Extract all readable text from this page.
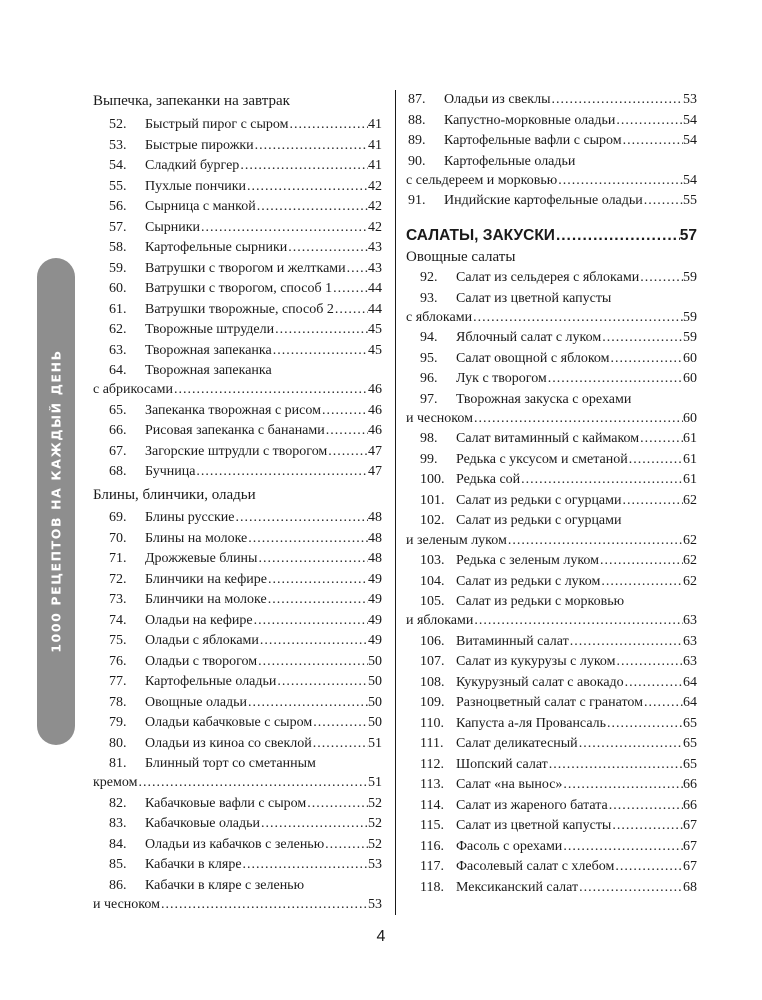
1000 РЕЦЕПТОВ НА КАЖДЫЙ ДЕНЬ
Выпечка, запеканки на завтрак
52.	Быстрый пирог с сыром .....	41
53.	Быстрые пирожки .....	41
54.	Сладкий бургер .....	41
55.	Пухлые пончики .....	42
56.	Сырница с манкой .....	42
57.	Сырники .....	42
58.	Картофельные сырники .....	43
59.	Ватрушки с творогом и желтками ..... 43
60.	Ватрушки с творогом, способ 1 .....	44
61.	Ватрушки творожные, способ 2 ..... 44
62.	Творожные штрудели .....	45
63.	Творожная запеканка .....	45
64.	Творожная запеканка
с абрикосами .....	46
65.	Запеканка творожная с рисом .....	46
66.	Рисовая запеканка с бананами .....	46
67.	Загорские штрудли с творогом .....	47
68.	Бучница .....	47
Блины, блинчики, оладьи
69.	Блины русские .....	48
70.	Блины на молоке .....	48
71.	Дрожжевые блины .....	48
72.	Блинчики на кефире .....	49
73.	Блинчики на молоке .....	49
74.	Оладьи на кефире .....	49
75.	Оладьи с яблоками .....	49
76.	Оладьи с творогом .....	50
77.	Картофельные оладьи .....	50
78.	Овощные оладьи .....	50
79.	Оладьи кабачковые с сыром .....	50
80.	Оладьи из киноа со свеклой .....	51
81.	Блинный торт со сметанным
кремом .....	51
82.	Кабачковые вафли с сыром .....	52
83.	Кабачковые оладьи .....	52
84.	Оладьи из кабачков с зеленью .....	52
85.	Кабачки в кляре .....	53
86.	Кабачки в кляре с зеленью
и чесноком .....	53
87.	Оладьи из свеклы .....	53
88.	Капустно-морковные оладьи .....	54
89.	Картофельные вафли с сыром .....	54
90.	Картофельные оладьи
с сельдереем и морковью .....	54
91.	Индийские картофельные оладьи .....	55
САЛАТЫ, ЗАКУСКИ .....	57
Овощные салаты
92.	Салат из сельдерея с яблоками .....	59
93.	Салат из цветной капусты
с яблоками .....	59
94.	Яблочный салат с луком .....	59
95.	Салат овощной с яблоком .....	60
96.	Лук с творогом .....	60
97.	Творожная закуска с орехами
и чесноком .....	60
98.	Салат витаминный с каймаком .....	61
99.	Редька с уксусом и сметаной .....	61
100. Редька сой .....	61
101. Салат из редьки с огурцами .....	62
102. Салат из редьки с огурцами
и зеленым луком .....	62
103. Редька с зеленым луком .....	62
104. Салат из редьки с луком .....	62
105. Салат из редьки с морковью
и яблоками .....	63
106. Витаминный салат .....	63
107. Салат из кукурузы с луком .....	63
108. Кукурузный салат с авокадо .....	64
109. Разноцветный салат с гранатом .....	64
110. Капуста а-ля Провансаль .....	65
111. Салат деликатесный .....	65
112. Шопский салат .....	65
113. Салат «на вынос» .....	66
114. Салат из жареного батата .....	66
115. Салат из цветной капусты .....	67
116. Фасоль с орехами .....	67
117. Фасолевый салат с хлебом .....	67
118. Мексиканский салат .....	68
4
